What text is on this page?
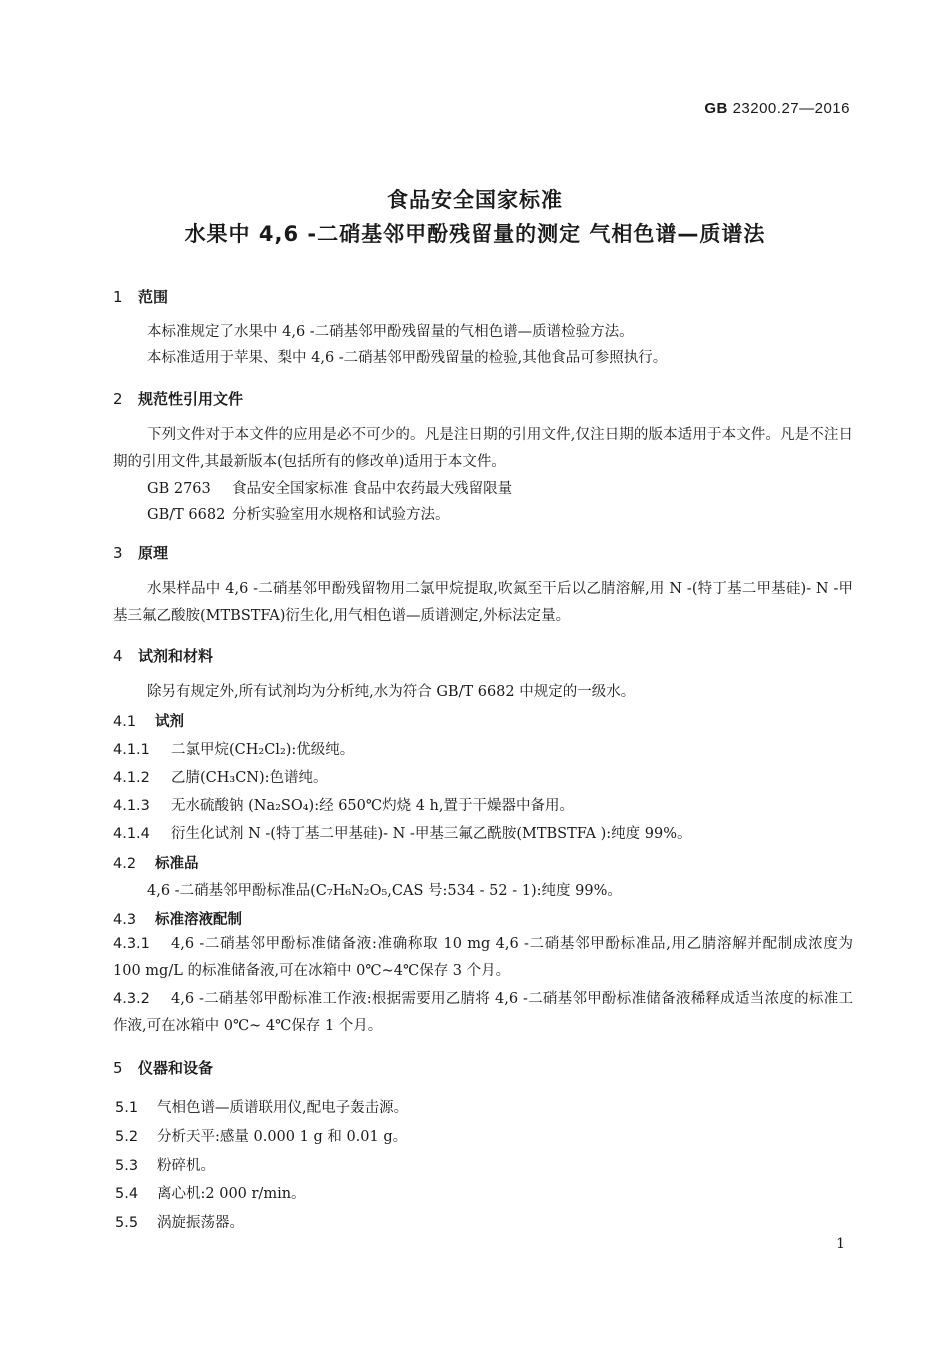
GB 23200.27—2016
食品安全国家标准
水果中 4,6 -二硝基邻甲酚残留量的测定 气相色谱—质谱法
1 范围
本标准规定了水果中 4,6 -二硝基邻甲酚残留量的气相色谱—质谱检验方法。
本标准适用于苹果、梨中 4,6 -二硝基邻甲酚残留量的检验,其他食品可参照执行。
2 规范性引用文件
下列文件对于本文件的应用是必不可少的。凡是注日期的引用文件,仅注日期的版本适用于本文件。凡是不注日期的引用文件,其最新版本(包括所有的修改单)适用于本文件。
GB 2763 食品安全国家标准 食品中农药最大残留限量
GB/T 6682 分析实验室用水规格和试验方法。
3 原理
水果样品中 4,6 -二硝基邻甲酚残留物用二氯甲烷提取,吹氮至干后以乙腈溶解,用 N -(特丁基二甲基硅)- N -甲基三氟乙酸胺(MTBSTFA)衍生化,用气相色谱—质谱测定,外标法定量。
4 试剂和材料
除另有规定外,所有试剂均为分析纯,水为符合 GB/T 6682 中规定的一级水。
4.1 试剂
4.1.1 二氯甲烷(CH₂Cl₂):优级纯。
4.1.2 乙腈(CH₃CN):色谱纯。
4.1.3 无水硫酸钠 (Na₂SO₄):经 650℃灼烧 4 h,置于干燥器中备用。
4.1.4 衍生化试剂 N -(特丁基二甲基硅)- N -甲基三氟乙酰胺(MTBSTFA ):纯度 99%。
4.2 标准品
4,6 -二硝基邻甲酚标准品(C₇H₆N₂O₅,CAS 号:534 - 52 - 1):纯度 99%。
4.3 标准溶液配制
4.3.1 4,6 -二硝基邻甲酚标准储备液:准确称取 10 mg 4,6 -二硝基邻甲酚标准品,用乙腈溶解并配制成浓度为 100 mg/L 的标准储备液,可在冰箱中 0℃~4℃保存 3 个月。
4.3.2 4,6 -二硝基邻甲酚标准工作液:根据需要用乙腈将 4,6 -二硝基邻甲酚标准储备液稀释成适当浓度的标准工作液,可在冰箱中 0℃~ 4℃保存 1 个月。
5 仪器和设备
5.1 气相色谱—质谱联用仪,配电子轰击源。
5.2 分析天平:感量 0.000 1 g 和 0.01 g。
5.3 粉碎机。
5.4 离心机:2 000 r/min。
5.5 涡旋振荡器。
1
